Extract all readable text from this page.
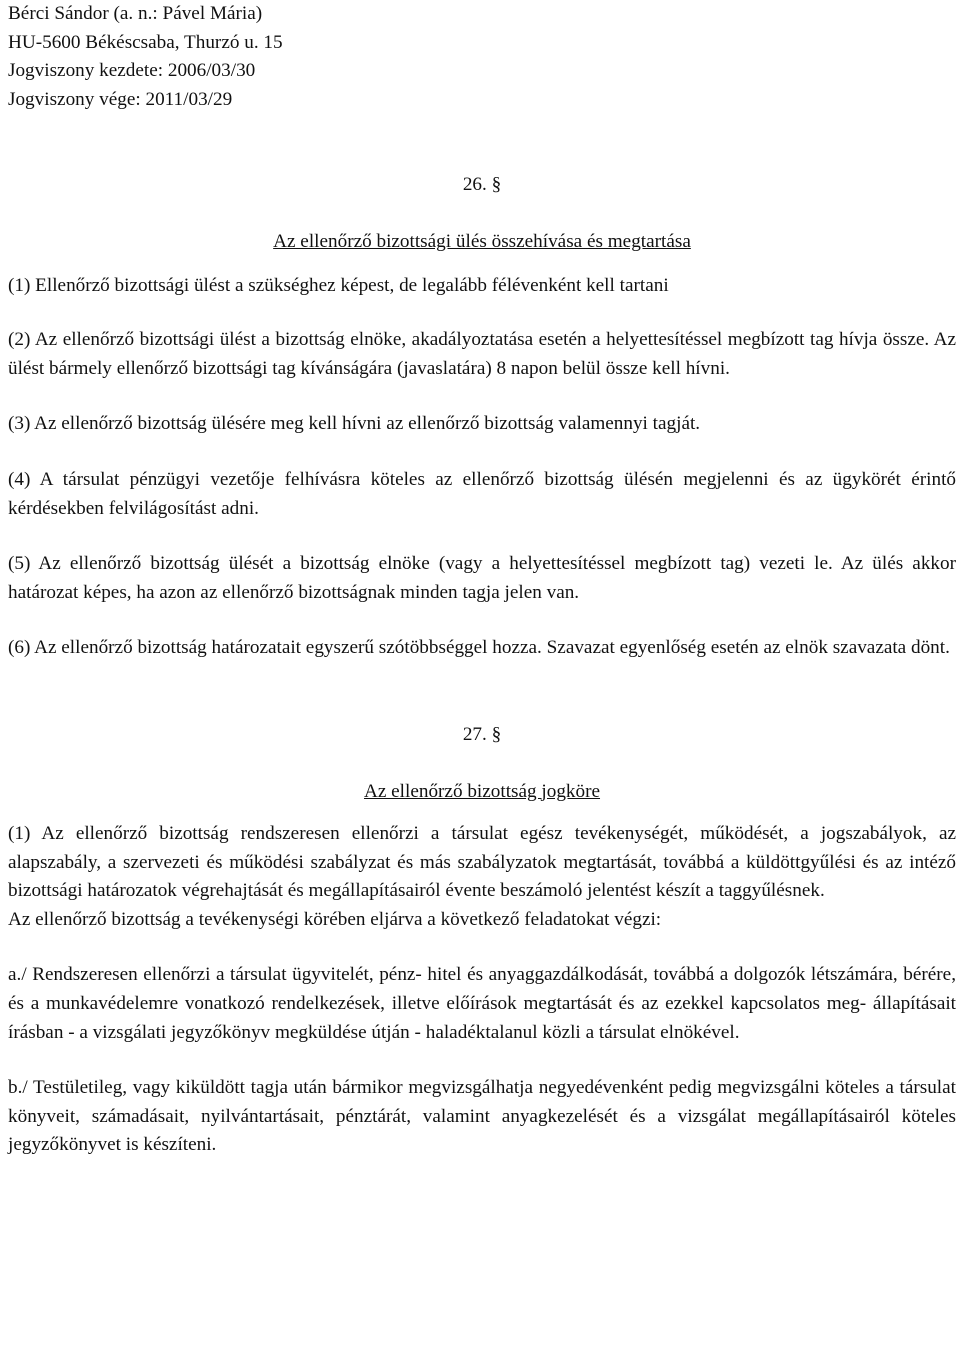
Bérci Sándor (a. n.: Pável Mária)
HU-5600 Békéscsaba, Thurzó u. 15
Jogviszony kezdete: 2006/03/30
Jogviszony vége: 2011/03/29
26. §
Az ellenőrző bizottsági ülés összehívása és megtartása

(1) Ellenőrző bizottsági ülést a szükséghez képest, de legalább félévenként kell tartani

(2) Az ellenőrző bizottsági ülést a bizottság elnöke, akadályoztatása esetén a helyettesítéssel megbízott tag hívja össze. Az ülést bármely ellenőrző bizottsági tag kívánságára (javaslatára) 8 napon belül össze kell hívni.

(3) Az ellenőrző bizottság ülésére meg kell hívni az ellenőrző bizottság valamennyi tagját.

(4) A társulat pénzügyi vezetője felhívásra köteles az ellenőrző bizottság ülésén megjelenni és az ügykörét érintő kérdésekben felvilágosítást adni.

(5) Az ellenőrző bizottság ülését a bizottság elnöke (vagy a helyettesítéssel megbízott tag) vezeti le. Az ülés akkor határozat képes, ha azon az ellenőrző bizottságnak minden tagja jelen van.

(6) Az ellenőrző bizottság határozatait egyszerű szótöbbséggel hozza. Szavazat egyenlőség esetén az elnök szavazata dönt.

27. §
Az ellenőrző bizottság jogköre

(1) Az ellenőrző bizottság rendszeresen ellenőrzi a társulat egész tevékenységét, működését, a jogszabályok, az alapszabály, a szervezeti és működési szabályzat és más szabályzatok megtartását, továbbá a küldöttgyűlési és az intéző bizottsági határozatok végrehajtását és megállapításairól évente beszámoló jelentést készít a taggyűlésnek.

Az ellenőrző bizottság a tevékenységi körében eljárva a következő feladatokat végzi:

a./ Rendszeresen ellenőrzi a társulat ügyvitelét, pénz- hitel és anyaggazdálkodását, továbbá a dolgozók létszámára, bérére, és a munkavédelemre vonatkozó rendelkezések, illetve előírások megtartását és az ezekkel kapcsolatos meg- állapításait írásban - a vizsgálati jegyzőkönyv megküldése útján - haladéktalanul közli a társulat elnökével.

b./ Testületileg, vagy kiküldött tagja után bármikor megvizsgálhatja negyedévenként pedig megvizsgálni köteles a társulat könyveit, számadásait, nyilvántartásait, pénztárát, valamint anyagkezelését és a vizsgálat megállapításairól köteles jegyzőkönyvet is készíteni.
